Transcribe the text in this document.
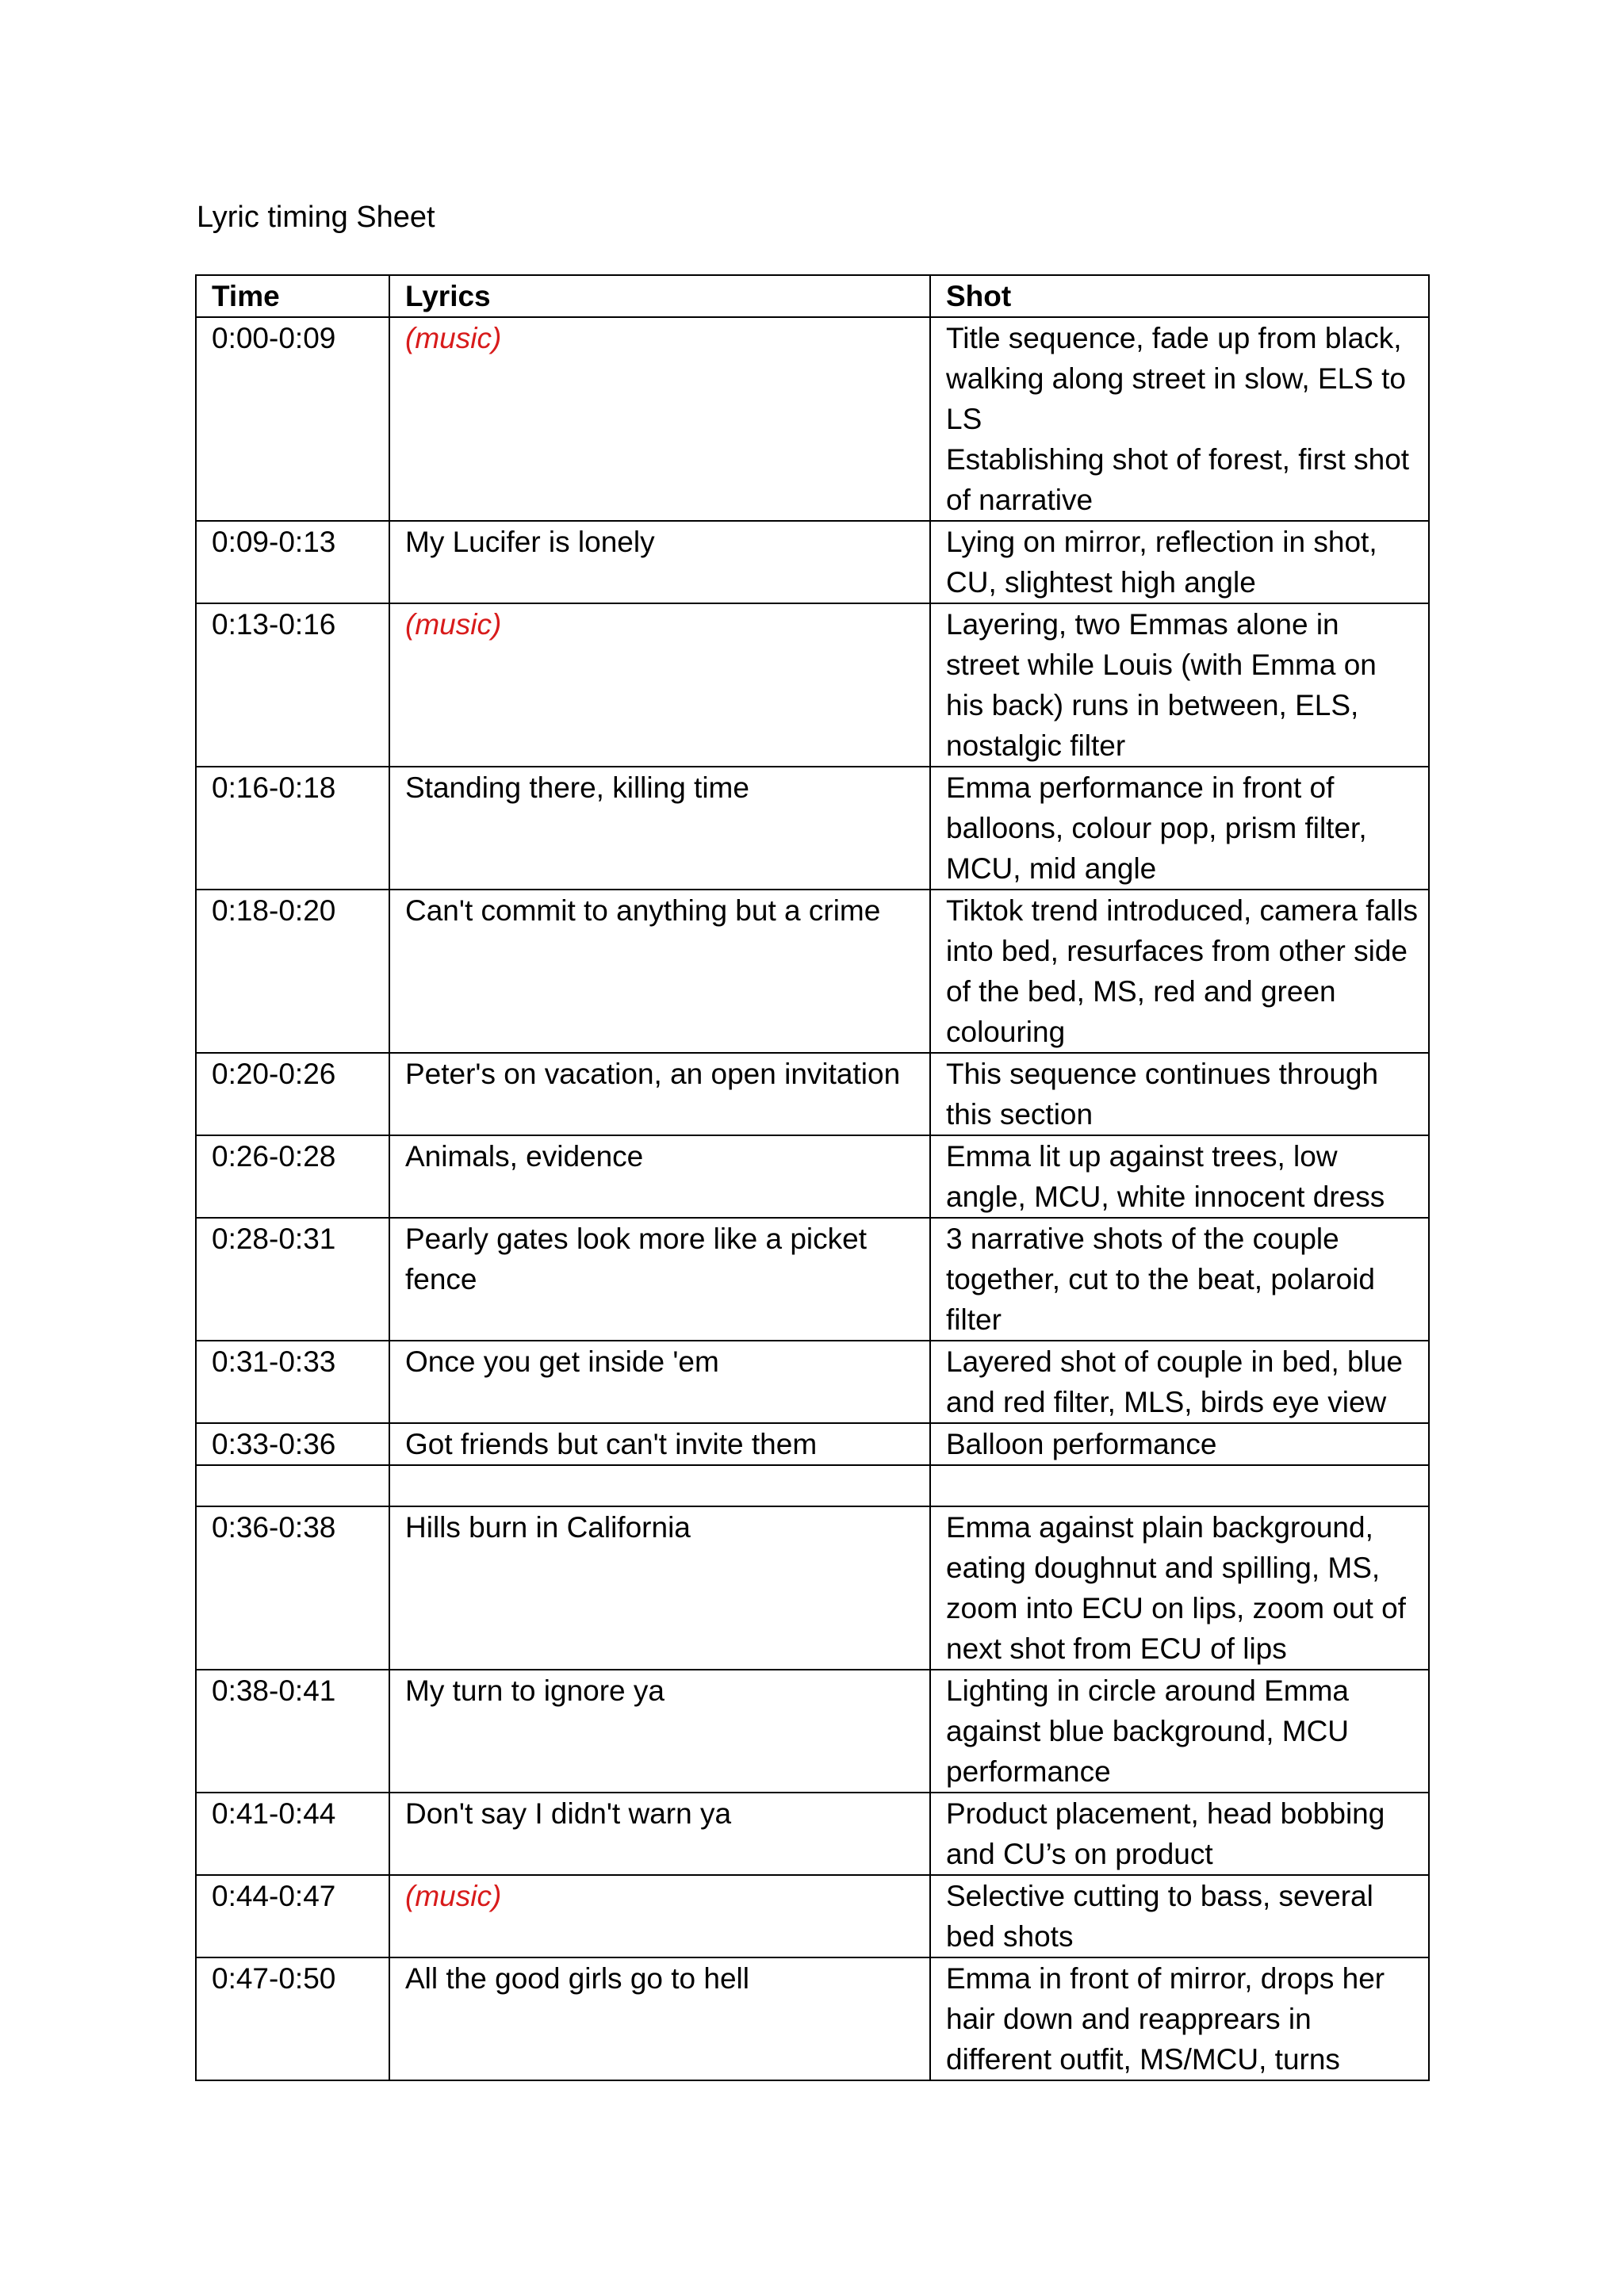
Lyric timing Sheet
Time	Lyrics	Shot
0:00-0:09	(music)	Title sequence, fade up from black, walking along street in slow, ELS to LS
Establishing shot of forest, first shot of narrative

0:09-0:13	My Lucifer is lonely	Lying on mirror, reflection in shot, CU, slightest high angle

0:13-0:16	(music)	Layering, two Emmas alone in street while Louis (with Emma on his back) runs in between, ELS, nostalgic filter

0:16-0:18	Standing there, killing time	Emma performance in front of balloons, colour pop, prism filter, MCU, mid angle

0:18-0:20	Can't commit to anything but a crime	Tiktok trend introduced, camera falls into bed, resurfaces from other side of the bed, MS, red and green colouring

0:20-0:26	Peter's on vacation, an open invitation	This sequence continues through this section

0:26-0:28	Animals, evidence	Emma lit up against trees, low angle, MCU, white innocent dress

0:28-0:31	Pearly gates look more like a picket fence	3 narrative shots of the couple together, cut to the beat, polaroid filter

0:31-0:33	Once you get inside 'em	Layered shot of couple in bed, blue and red filter, MLS, birds eye view

0:33-0:36	Got friends but can't invite them	Balloon performance

0:36-0:38	Hills burn in California	Emma against plain background, eating doughnut and spilling, MS, zoom into ECU on lips, zoom out of next shot from ECU of lips

0:38-0:41	My turn to ignore ya	Lighting in circle around Emma against blue background, MCU performance

0:41-0:44	Don't say I didn't warn ya	Product placement, head bobbing and CU’s on product

0:44-0:47	(music)	Selective cutting to bass, several bed shots

0:47-0:50	All the good girls go to hell	Emma in front of mirror, drops her hair down and reapprears in different outfit, MS/MCU, turns
